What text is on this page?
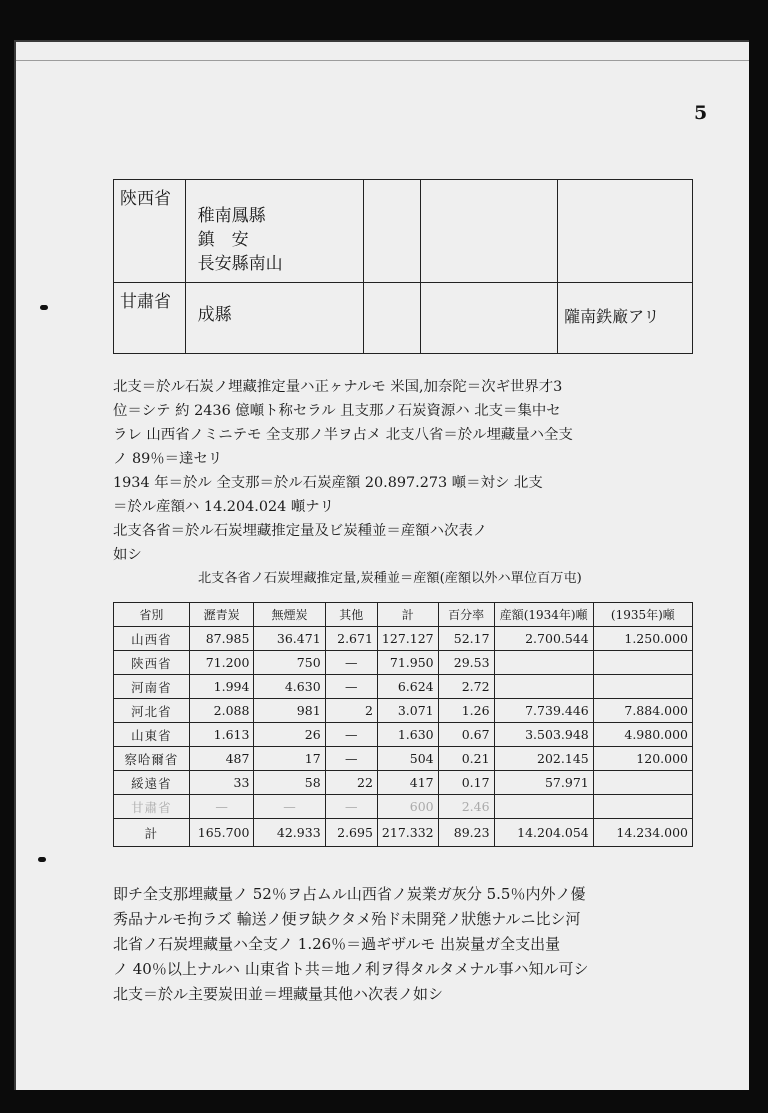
5
陝西省	稚南鳳縣
鎮　安
長安縣南山			

甘肅省	成縣			隴南鉄廠アリ
北支＝於ル石炭ノ埋藏推定量ハ正ヶナルモ 米国,加奈陀＝次ギ世界才3
位＝シテ 約 2436 億噸ト称セラル 且支那ノ石炭資源ハ 北支＝集中セ
ラレ 山西省ノミニテモ 全支那ノ半ヲ占メ 北支八省＝於ル埋藏量ハ全支
ノ 89％＝達セリ
1934 年＝於ル 全支那＝於ル石炭産額 20.897.273 噸＝対シ 北支
＝於ル産額ハ 14.204.024 噸ナリ
北支各省＝於ル石炭埋藏推定量及ビ炭種並＝産額ハ次表ノ
如シ
北支各省ノ石炭埋藏推定量,炭種並＝産額(産額以外ハ單位百万屯)
省別	瀝青炭	無煙炭	其他	計	百分率	産額(1934年)噸	(1935年)噸
山西省	87.985	36.471	2.671	127.127	52.17	2.700.544	1.250.000
陝西省	71.200	750	—	71.950	29.53		
河南省	1.994	4.630	—	6.624	2.72		
河北省	2.088	981	2	3.071	1.26	7.739.446	7.884.000
山東省	1.613	26	—	1.630	0.67	3.503.948	4.980.000
察哈爾省	487	17	—	504	0.21	202.145	120.000
綏遠省	33	58	22	417	0.17	57.971	
甘肅省	—	—	—	600	2.46		
計	165.700	42.933	2.695	217.332	89.23	14.204.054	14.234.000
即チ全支那埋藏量ノ 52％ヲ占ムル山西省ノ炭業ガ灰分 5.5％内外ノ優
秀品ナルモ拘ラズ 輸送ノ便ヲ缺クタメ殆ド未開発ノ狀態ナルニ比シ河
北省ノ石炭埋藏量ハ全支ノ 1.26％＝過ギザルモ 出炭量ガ全支出量
ノ 40％以上ナルハ 山東省ト共＝地ノ利ヲ得タルタメナル事ハ知ル可シ
北支＝於ル主要炭田並＝埋藏量其他ハ次表ノ如シ
